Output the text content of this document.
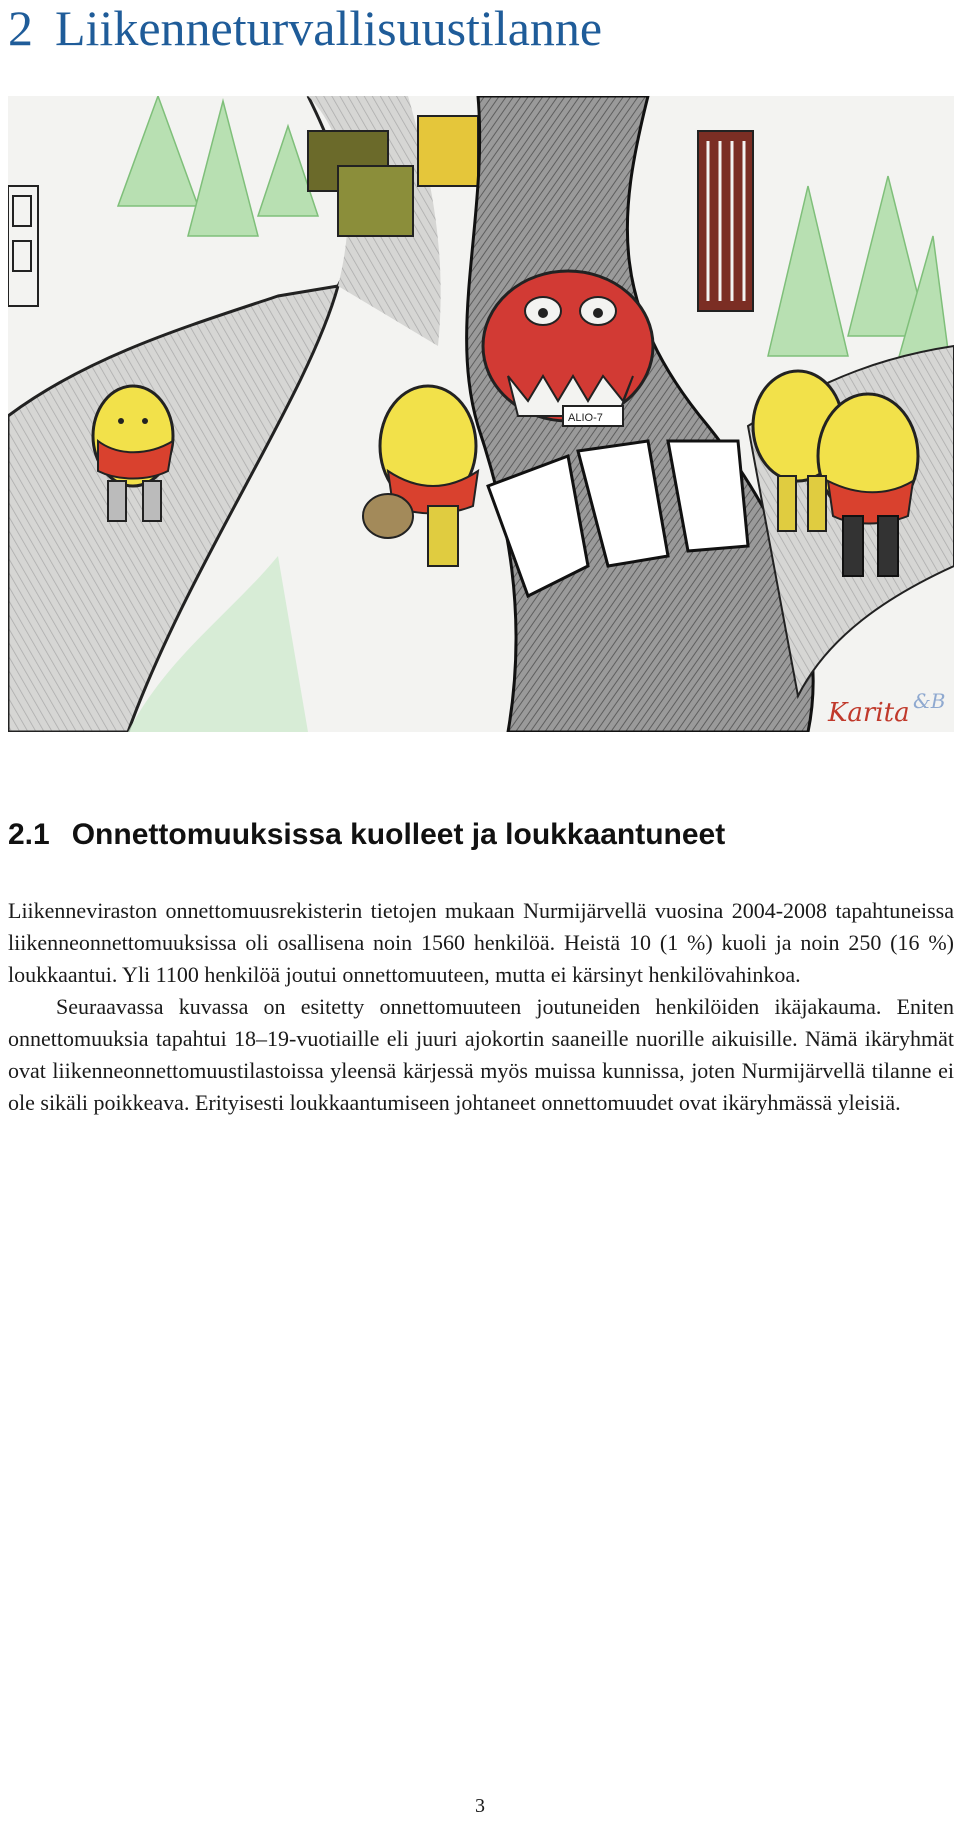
2 Liikenneturvallisuustilanne
ALIO-7
Karita &B
2.1 Onnettomuuksissa kuolleet ja loukkaantuneet

Liikenneviraston onnettomuusrekisterin tietojen mukaan Nurmijärvellä vuosina 2004-2008 tapahtuneissa liikenneonnettomuuksissa oli osallisena noin 1560 henkilöä. Heistä 10 (1 %) kuoli ja noin 250 (16 %) loukkaantui. Yli 1100 henkilöä joutui onnettomuuteen, mutta ei kärsinyt henkilövahinkoa.

Seuraavassa kuvassa on esitetty onnettomuuteen joutuneiden henkilöiden ikäjakauma. Eniten onnettomuuksia tapahtui 18–19-vuotiaille eli juuri ajokortin saaneille nuorille aikuisille. Nämä ikäryhmät ovat liikenneonnettomuustilastoissa yleensä kärjessä myös muissa kunnissa, joten Nurmijärvellä tilanne ei ole sikäli poikkeava. Erityisesti loukkaantumiseen johtaneet onnettomuudet ovat ikäryhmässä yleisiä.

3
